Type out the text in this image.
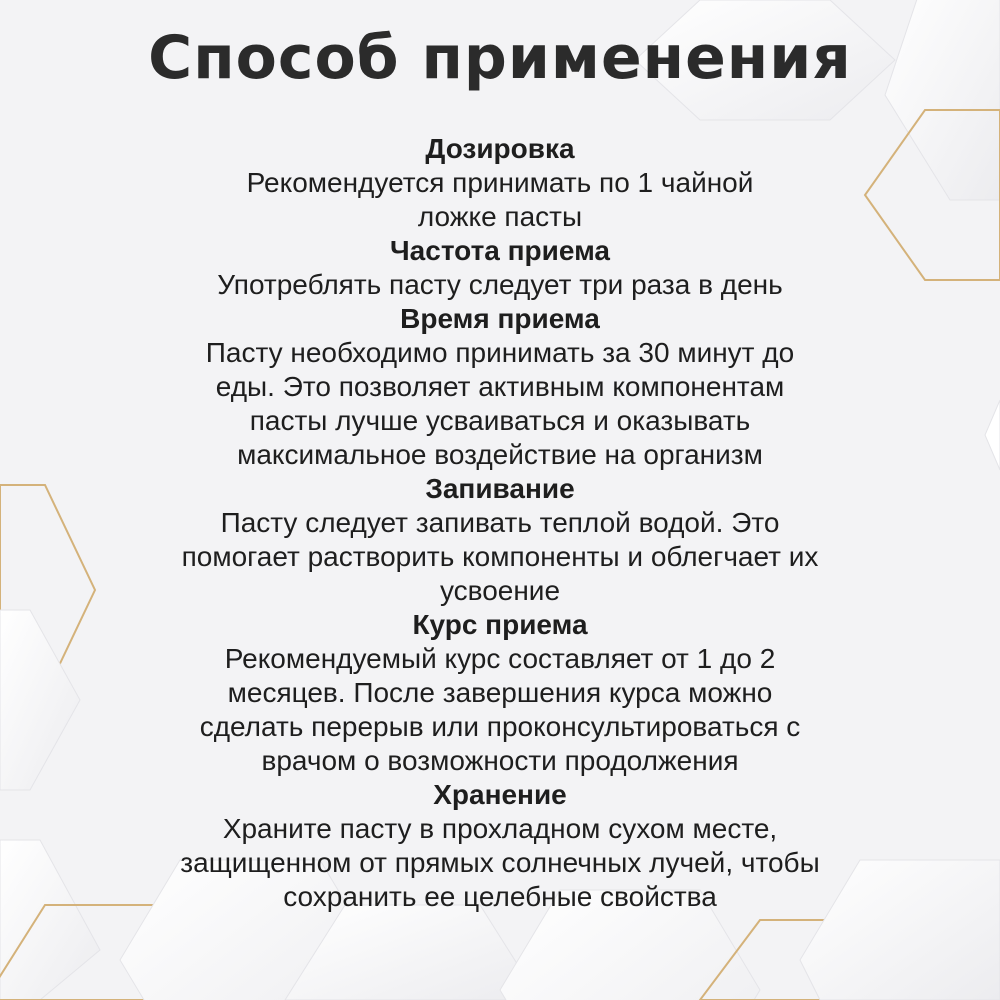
Способ применения
Дозировка
Рекомендуется принимать по 1 чайной
ложке пасты
Частота приема
Употреблять пасту следует три раза в день
Время приема
Пасту необходимо принимать за 30 минут до
еды. Это позволяет активным компонентам
пасты лучше усваиваться и оказывать
максимальное воздействие на организм
Запивание
Пасту следует запивать теплой водой. Это
помогает растворить компоненты и облегчает их
усвоение
Курс приема
Рекомендуемый курс составляет от 1 до 2
месяцев. После завершения курса можно
сделать перерыв или проконсультироваться с
врачом о возможности продолжения
Хранение
Храните пасту в прохладном сухом месте,
защищенном от прямых солнечных лучей, чтобы
сохранить ее целебные свойства
